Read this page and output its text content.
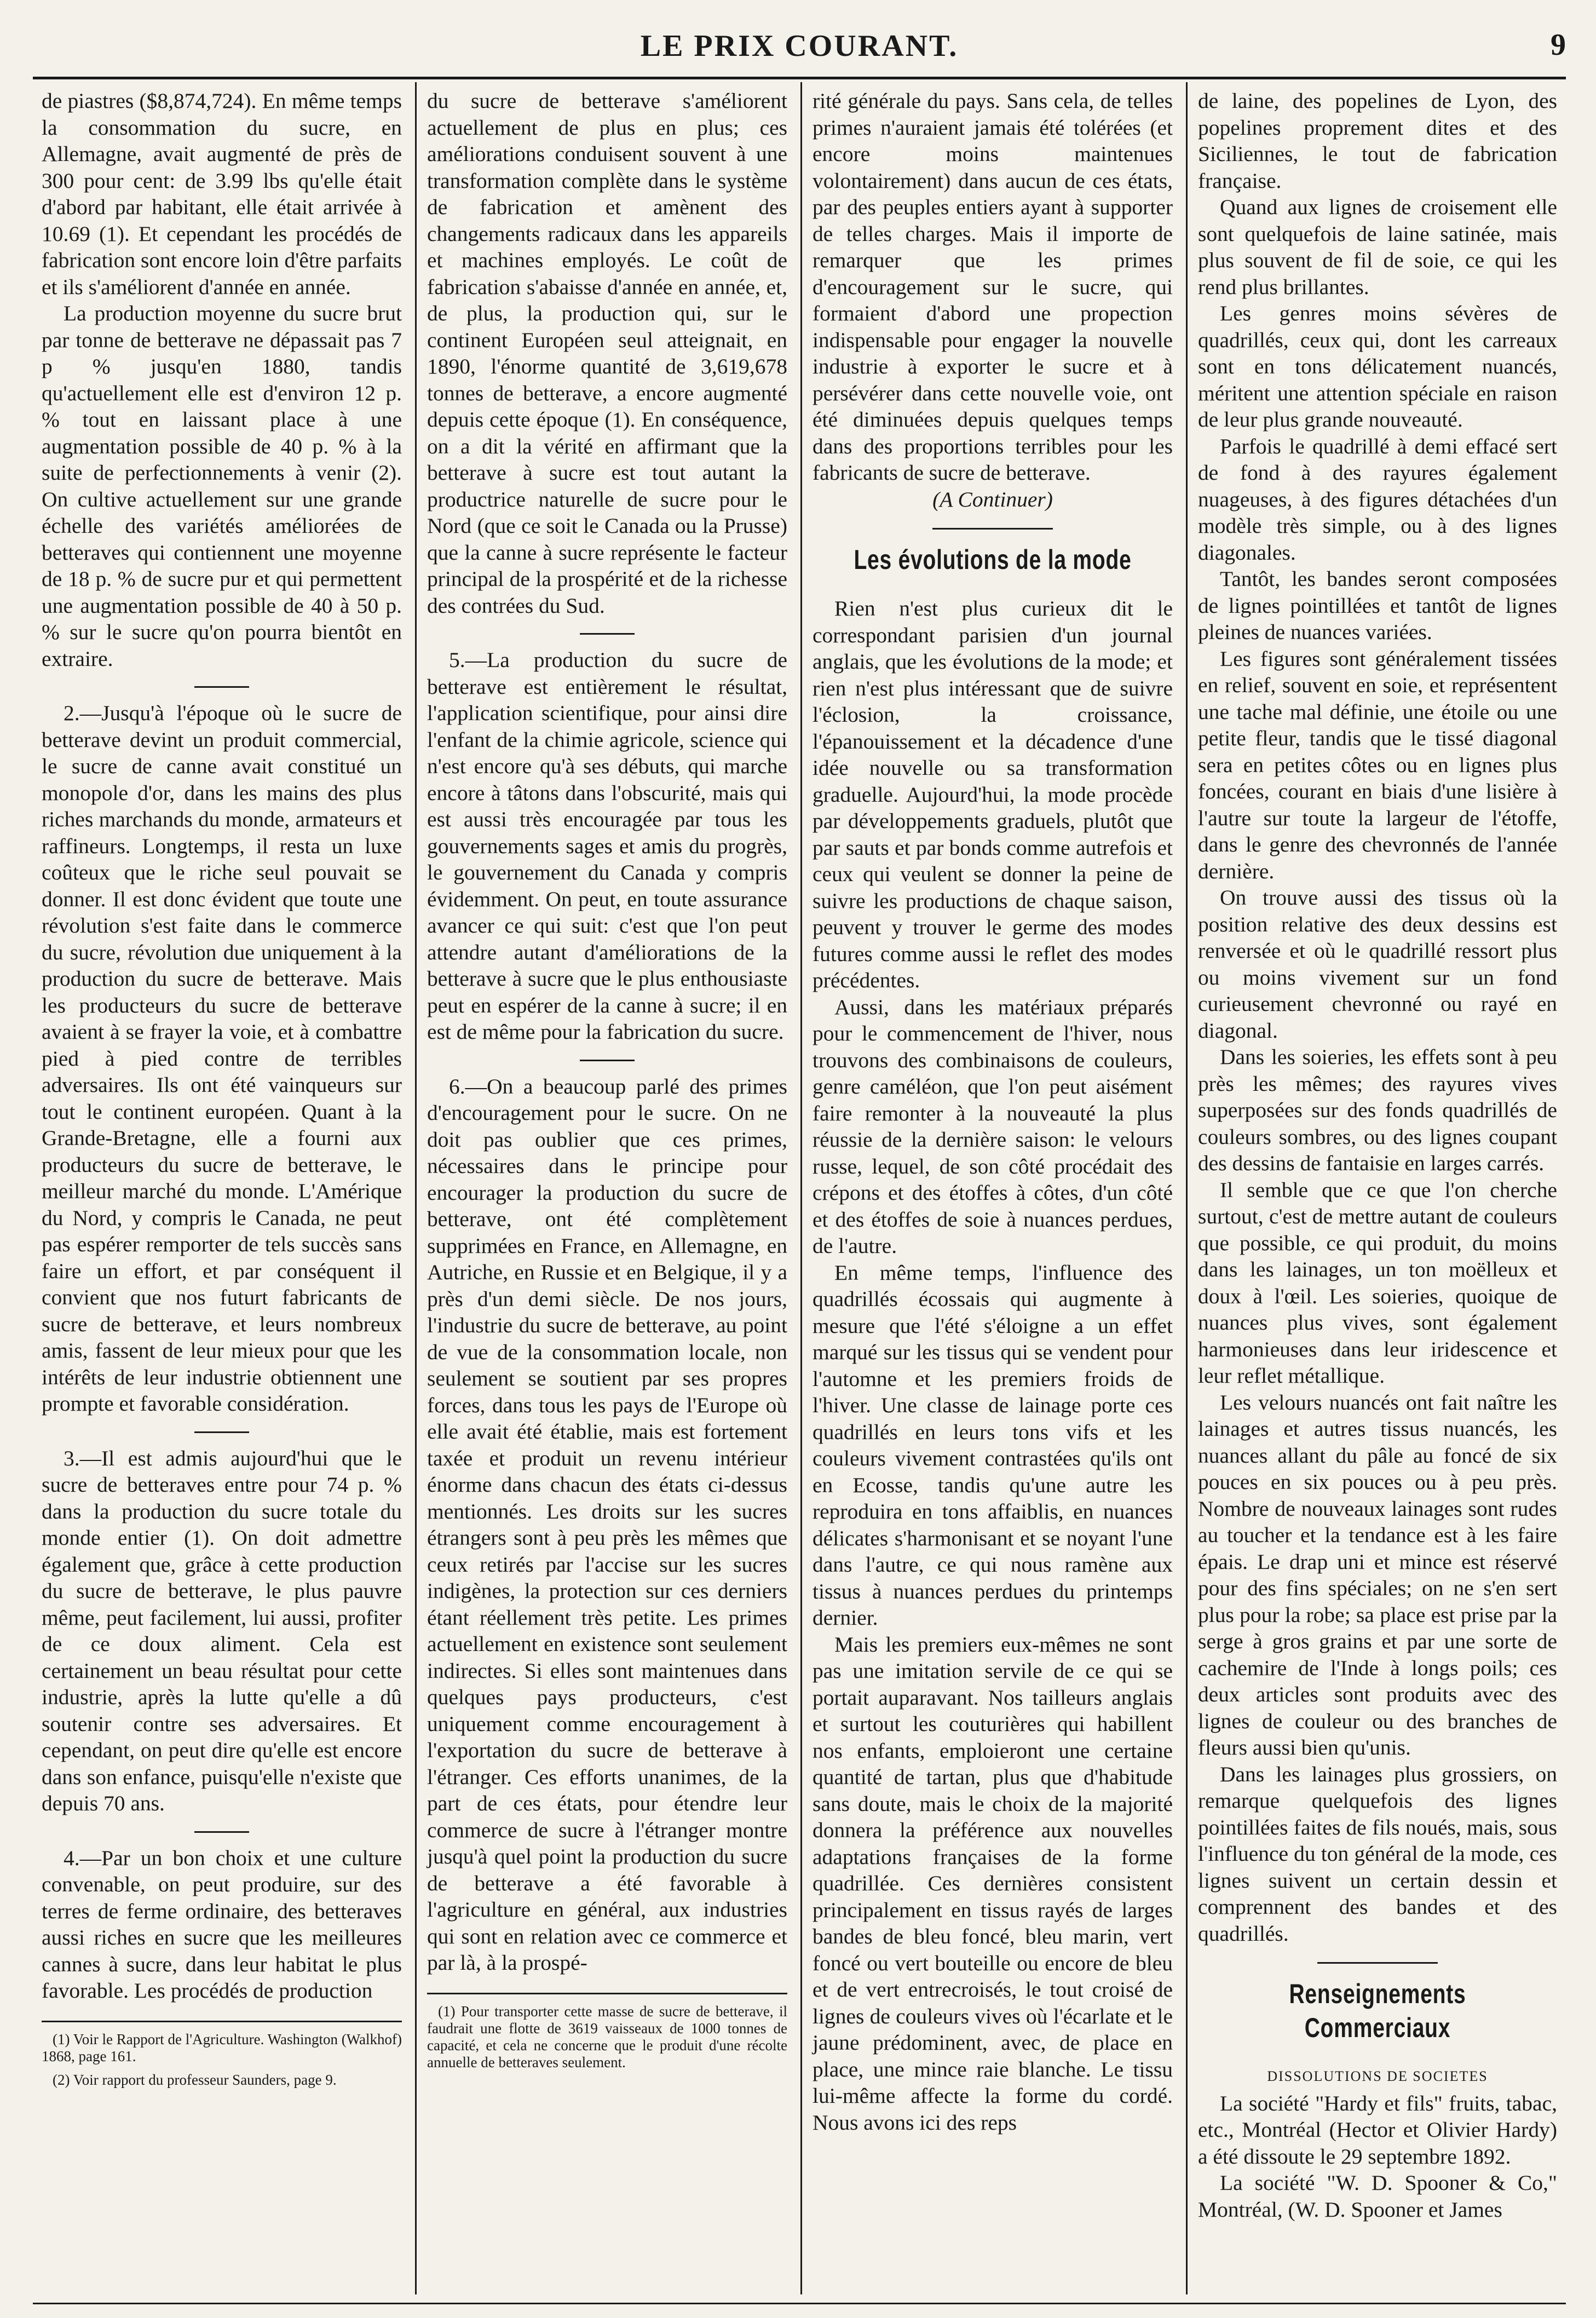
LE PRIX COURANT.	9

de piastres ($8,874,724). En même temps la consommation du sucre, en Allemagne, avait augmenté de près de 300 pour cent: de 3.99 lbs qu'elle était d'abord par habitant, elle était arrivée à 10.69 (1). Et cependant les procédés de fabrication sont encore loin d'être parfaits et ils s'améliorent d'année en année.

La production moyenne du sucre brut par tonne de betterave ne dépassait pas 7 p % jusqu'en 1880, tandis qu'actuellement elle est d'environ 12 p. % tout en laissant place à une augmentation possible de 40 p. % à la suite de perfectionnements à venir (2). On cultive actuellement sur une grande échelle des variétés améliorées de betteraves qui contiennent une moyenne de 18 p. % de sucre pur et qui permettent une augmentation possible de 40 à 50 p. % sur le sucre qu'on pourra bientôt en extraire.

2.—Jusqu'à l'époque où le sucre de betterave devint un produit commercial, le sucre de canne avait constitué un monopole d'or, dans les mains des plus riches marchands du monde, armateurs et raffineurs. Longtemps, il resta un luxe coûteux que le riche seul pouvait se donner. Il est donc évident que toute une révolution s'est faite dans le commerce du sucre, révolution due uniquement à la production du sucre de betterave. Mais les producteurs du sucre de betterave avaient à se frayer la voie, et à combattre pied à pied contre de terribles adversaires. Ils ont été vainqueurs sur tout le continent européen. Quant à la Grande-Bretagne, elle a fourni aux producteurs du sucre de betterave, le meilleur marché du monde. L'Amérique du Nord, y compris le Canada, ne peut pas espérer remporter de tels succès sans faire un effort, et par conséquent il convient que nos futurt fabricants de sucre de betterave, et leurs nombreux amis, fassent de leur mieux pour que les intérêts de leur industrie obtiennent une prompte et favorable considération.

3.—Il est admis aujourd'hui que le sucre de betteraves entre pour 74 p. % dans la production du sucre totale du monde entier (1). On doit admettre également que, grâce à cette production du sucre de betterave, le plus pauvre même, peut facilement, lui aussi, profiter de ce doux aliment. Cela est certainement un beau résultat pour cette industrie, après la lutte qu'elle a dû soutenir contre ses adversaires. Et cependant, on peut dire qu'elle est encore dans son enfance, puisqu'elle n'existe que depuis 70 ans.

4.—Par un bon choix et une culture convenable, on peut produire, sur des terres de ferme ordinaire, des betteraves aussi riches en sucre que les meilleures cannes à sucre, dans leur habitat le plus favorable. Les procédés de production

(1) Voir le Rapport de l'Agriculture. Washington (Walkhof) 1868, page 161.

(2) Voir rapport du professeur Saunders, page 9.

du sucre de betterave s'améliorent actuellement de plus en plus; ces améliorations conduisent souvent à une transformation complète dans le système de fabrication et amènent des changements radicaux dans les appareils et machines employés. Le coût de fabrication s'abaisse d'année en année, et, de plus, la production qui, sur le continent Européen seul atteignait, en 1890, l'énorme quantité de 3,619,678 tonnes de betterave, a encore augmenté depuis cette époque (1). En conséquence, on a dit la vérité en affirmant que la betterave à sucre est tout autant la productrice naturelle de sucre pour le Nord (que ce soit le Canada ou la Prusse) que la canne à sucre représente le facteur principal de la prospérité et de la richesse des contrées du Sud.

5.—La production du sucre de betterave est entièrement le résultat, l'application scientifique, pour ainsi dire l'enfant de la chimie agricole, science qui n'est encore qu'à ses débuts, qui marche encore à tâtons dans l'obscurité, mais qui est aussi très encouragée par tous les gouvernements sages et amis du progrès, le gouvernement du Canada y compris évidemment. On peut, en toute assurance avancer ce qui suit: c'est que l'on peut attendre autant d'améliorations de la betterave à sucre que le plus enthousiaste peut en espérer de la canne à sucre; il en est de même pour la fabrication du sucre.

6.—On a beaucoup parlé des primes d'encouragement pour le sucre. On ne doit pas oublier que ces primes, nécessaires dans le principe pour encourager la production du sucre de betterave, ont été complètement supprimées en France, en Allemagne, en Autriche, en Russie et en Belgique, il y a près d'un demi siècle. De nos jours, l'industrie du sucre de betterave, au point de vue de la consommation locale, non seulement se soutient par ses propres forces, dans tous les pays de l'Europe où elle avait été établie, mais est fortement taxée et produit un revenu intérieur énorme dans chacun des états ci-dessus mentionnés. Les droits sur les sucres étrangers sont à peu près les mêmes que ceux retirés par l'accise sur les sucres indigènes, la protection sur ces derniers étant réellement très petite. Les primes actuellement en existence sont seulement indirectes. Si elles sont maintenues dans quelques pays producteurs, c'est uniquement comme encouragement à l'exportation du sucre de betterave à l'étranger. Ces efforts unanimes, de la part de ces états, pour étendre leur commerce de sucre à l'étranger montre jusqu'à quel point la production du sucre de betterave a été favorable à l'agriculture en général, aux industries qui sont en relation avec ce commerce et par là, à la prospé-

(1) Pour transporter cette masse de sucre de betterave, il faudrait une flotte de 3619 vaisseaux de 1000 tonnes de capacité, et cela ne concerne que le produit d'une récolte annuelle de betteraves seulement.

rité générale du pays. Sans cela, de telles primes n'auraient jamais été tolérées (et encore moins maintenues volontairement) dans aucun de ces états, par des peuples entiers ayant à supporter de telles charges. Mais il importe de remarquer que les primes d'encouragement sur le sucre, qui formaient d'abord une propection indispensable pour engager la nouvelle industrie à exporter le sucre et à persévérer dans cette nouvelle voie, ont été diminuées depuis quelques temps dans des proportions terribles pour les fabricants de sucre de betterave.

(A Continuer)

Les évolutions de la mode

Rien n'est plus curieux dit le correspondant parisien d'un journal anglais, que les évolutions de la mode; et rien n'est plus intéressant que de suivre l'éclosion, la croissance, l'épanouissement et la décadence d'une idée nouvelle ou sa transformation graduelle. Aujourd'hui, la mode procède par développements graduels, plutôt que par sauts et par bonds comme autrefois et ceux qui veulent se donner la peine de suivre les productions de chaque saison, peuvent y trouver le germe des modes futures comme aussi le reflet des modes précédentes.

Aussi, dans les matériaux préparés pour le commencement de l'hiver, nous trouvons des combinaisons de couleurs, genre caméléon, que l'on peut aisément faire remonter à la nouveauté la plus réussie de la dernière saison: le velours russe, lequel, de son côté procédait des crépons et des étoffes à côtes, d'un côté et des étoffes de soie à nuances perdues, de l'autre.

En même temps, l'influence des quadrillés écossais qui augmente à mesure que l'été s'éloigne a un effet marqué sur les tissus qui se vendent pour l'automne et les premiers froids de l'hiver. Une classe de lainage porte ces quadrillés en leurs tons vifs et les couleurs vivement contrastées qu'ils ont en Ecosse, tandis qu'une autre les reproduira en tons affaiblis, en nuances délicates s'harmonisant et se noyant l'une dans l'autre, ce qui nous ramène aux tissus à nuances perdues du printemps dernier.

Mais les premiers eux-mêmes ne sont pas une imitation servile de ce qui se portait auparavant. Nos tailleurs anglais et surtout les couturières qui habillent nos enfants, emploieront une certaine quantité de tartan, plus que d'habitude sans doute, mais le choix de la majorité donnera la préférence aux nouvelles adaptations françaises de la forme quadrillée. Ces dernières consistent principalement en tissus rayés de larges bandes de bleu foncé, bleu marin, vert foncé ou vert bouteille ou encore de bleu et de vert entrecroisés, le tout croisé de lignes de couleurs vives où l'écarlate et le jaune prédominent, avec, de place en place, une mince raie blanche. Le tissu lui-même affecte la forme du cordé. Nous avons ici des reps

de laine, des popelines de Lyon, des popelines proprement dites et des Siciliennes, le tout de fabrication française.

Quand aux lignes de croisement elle sont quelquefois de laine satinée, mais plus souvent de fil de soie, ce qui les rend plus brillantes.

Les genres moins sévères de quadrillés, ceux qui, dont les carreaux sont en tons délicatement nuancés, méritent une attention spéciale en raison de leur plus grande nouveauté.

Parfois le quadrillé à demi effacé sert de fond à des rayures également nuageuses, à des figures détachées d'un modèle très simple, ou à des lignes diagonales.

Tantôt, les bandes seront composées de lignes pointillées et tantôt de lignes pleines de nuances variées.

Les figures sont généralement tissées en relief, souvent en soie, et représentent une tache mal définie, une étoile ou une petite fleur, tandis que le tissé diagonal sera en petites côtes ou en lignes plus foncées, courant en biais d'une lisière à l'autre sur toute la largeur de l'étoffe, dans le genre des chevronnés de l'année dernière.

On trouve aussi des tissus où la position relative des deux dessins est renversée et où le quadrillé ressort plus ou moins vivement sur un fond curieusement chevronné ou rayé en diagonal.

Dans les soieries, les effets sont à peu près les mêmes; des rayures vives superposées sur des fonds quadrillés de couleurs sombres, ou des lignes coupant des dessins de fantaisie en larges carrés.

Il semble que ce que l'on cherche surtout, c'est de mettre autant de couleurs que possible, ce qui produit, du moins dans les lainages, un ton moëlleux et doux à l'œil. Les soieries, quoique de nuances plus vives, sont également harmonieuses dans leur iridescence et leur reflet métallique.

Les velours nuancés ont fait naître les lainages et autres tissus nuancés, les nuances allant du pâle au foncé de six pouces en six pouces ou à peu près. Nombre de nouveaux lainages sont rudes au toucher et la tendance est à les faire épais. Le drap uni et mince est réservé pour des fins spéciales; on ne s'en sert plus pour la robe; sa place est prise par la serge à gros grains et par une sorte de cachemire de l'Inde à longs poils; ces deux articles sont produits avec des lignes de couleur ou des branches de fleurs aussi bien qu'unis.

Dans les lainages plus grossiers, on remarque quelquefois des lignes pointillées faites de fils noués, mais, sous l'influence du ton général de la mode, ces lignes suivent un certain dessin et comprennent des bandes et des quadrillés.

Renseignements Commerciaux

DISSOLUTIONS DE SOCIETES

La société "Hardy et fils" fruits, tabac, etc., Montréal (Hector et Olivier Hardy) a été dissoute le 29 septembre 1892.

La société "W. D. Spooner & Co," Montréal, (W. D. Spooner et James
